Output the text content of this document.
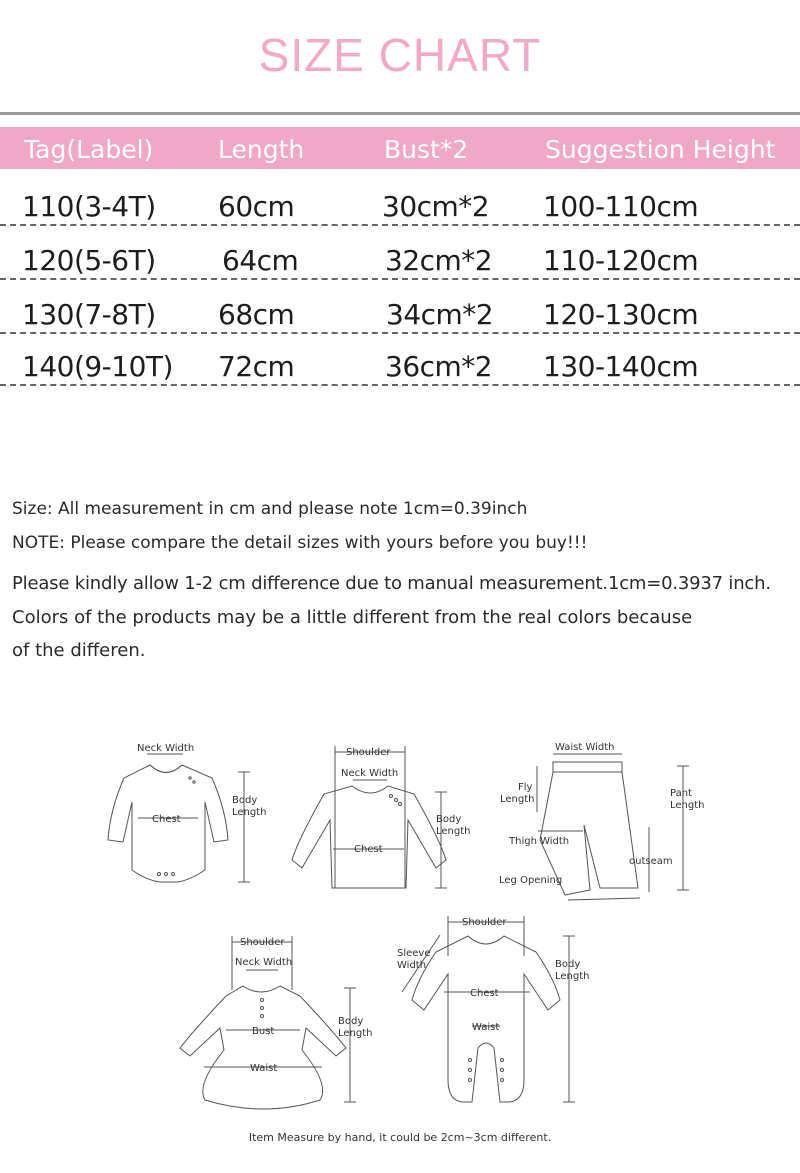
SIZE CHART
Tag(Label)	Length	Bust*2	Suggestion Height
110(3-4T) 60cm	30cm*2 100-110cm
120(5-6T) 64cm	32cm*2 110-120cm
130(7-8T) 68cm	34cm*2 120-130cm
140(9-10T) 72cm	36cm*2 130-140cm

Size: All measurement in cm and please note 1cm=0.39inch

NOTE: Please compare the detail sizes with yours before you buy!!!

Please kindly allow 1-2 cm difference due to manual measurement.1cm=0.3937 inch.

Colors of the products may be a little different from the real colors because

of the differen.

Neck Width
Chest
Body
Length
Shoulder
Neck Width
Chest
Body
Length
Waist Width
Fly
Length
Thigh Width
Leg Opening
outseam
Pant
Length
Shoulder
Neck Width
Bust
Waist
Body
Length
Shoulder
Sleeve
Width
Chest
Waist
Body
Length
Item Measure by hand, it could be 2cm~3cm different.
